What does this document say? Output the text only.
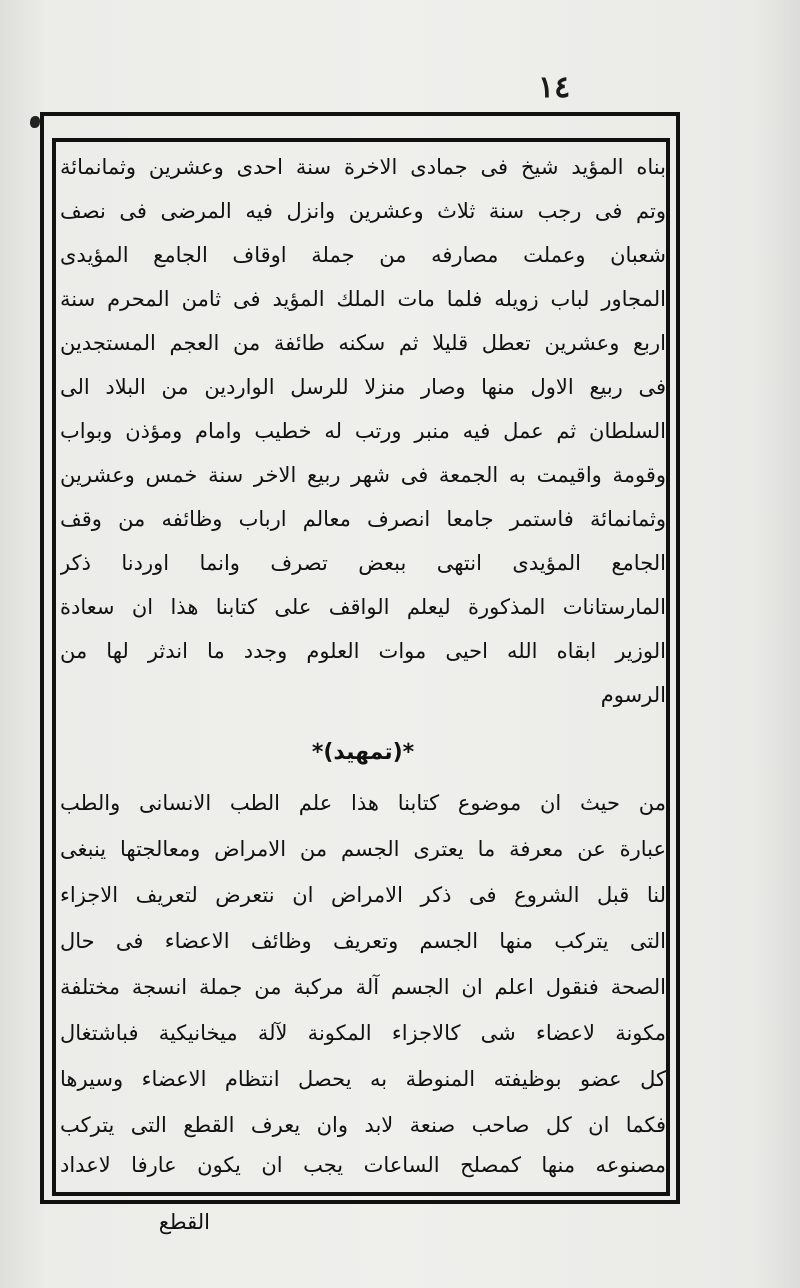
١٤
بناه المؤيد شيخ فى جمادى الاخرة سنة احدى وعشرين وثمانمائة
وتم فى رجب سنة ثلاث وعشرين وانزل فيه المرضى فى نصف
شعبان وعملت مصارفه من جملة اوقاف الجامع المؤيدى
المجاور لباب زويله فلما مات الملك المؤيد فى ثامن المحرم سنة
اربع وعشرين تعطل قليلا ثم سكنه طائفة من العجم المستجدين
فى ربيع الاول منها وصار منزلا للرسل الواردين من البلاد الى
السلطان ثم عمل فيه منبر ورتب له خطيب وامام ومؤذن وبواب
وقومة واقيمت به الجمعة فى شهر ربيع الاخر سنة خمس وعشرين
وثمانمائة فاستمر جامعا انصرف معالم ارباب وظائفه من وقف
الجامع المؤيدى انتهى ببعض تصرف وانما اوردنا ذكر
المارستانات المذكورة ليعلم الواقف على كتابنا هذا ان سعادة
الوزير ابقاه الله احيى موات العلوم وجدد ما اندثر لها من
الرسوم
*(تمهيد)*
من حيث ان موضوع كتابنا هذا علم الطب الانسانى والطب
عبارة عن معرفة ما يعترى الجسم من الامراض ومعالجتها ينبغى
لنا قبل الشروع فى ذكر الامراض ان نتعرض لتعريف الاجزاء
التى يتركب منها الجسم وتعريف وظائف الاعضاء فى حال
الصحة فنقول اعلم ان الجسم آلة مركبة من جملة انسجة مختلفة
مكونة لاعضاء شى كالاجزاء المكونة لآلة ميخانيكية فباشتغال
كل عضو بوظيفته المنوطة به يحصل انتظام الاعضاء وسيرها
فكما ان كل صاحب صنعة لابد وان يعرف القطع التى يتركب
مصنوعه منها كمصلح الساعات يجب ان يكون عارفا لاعداد
القطع
